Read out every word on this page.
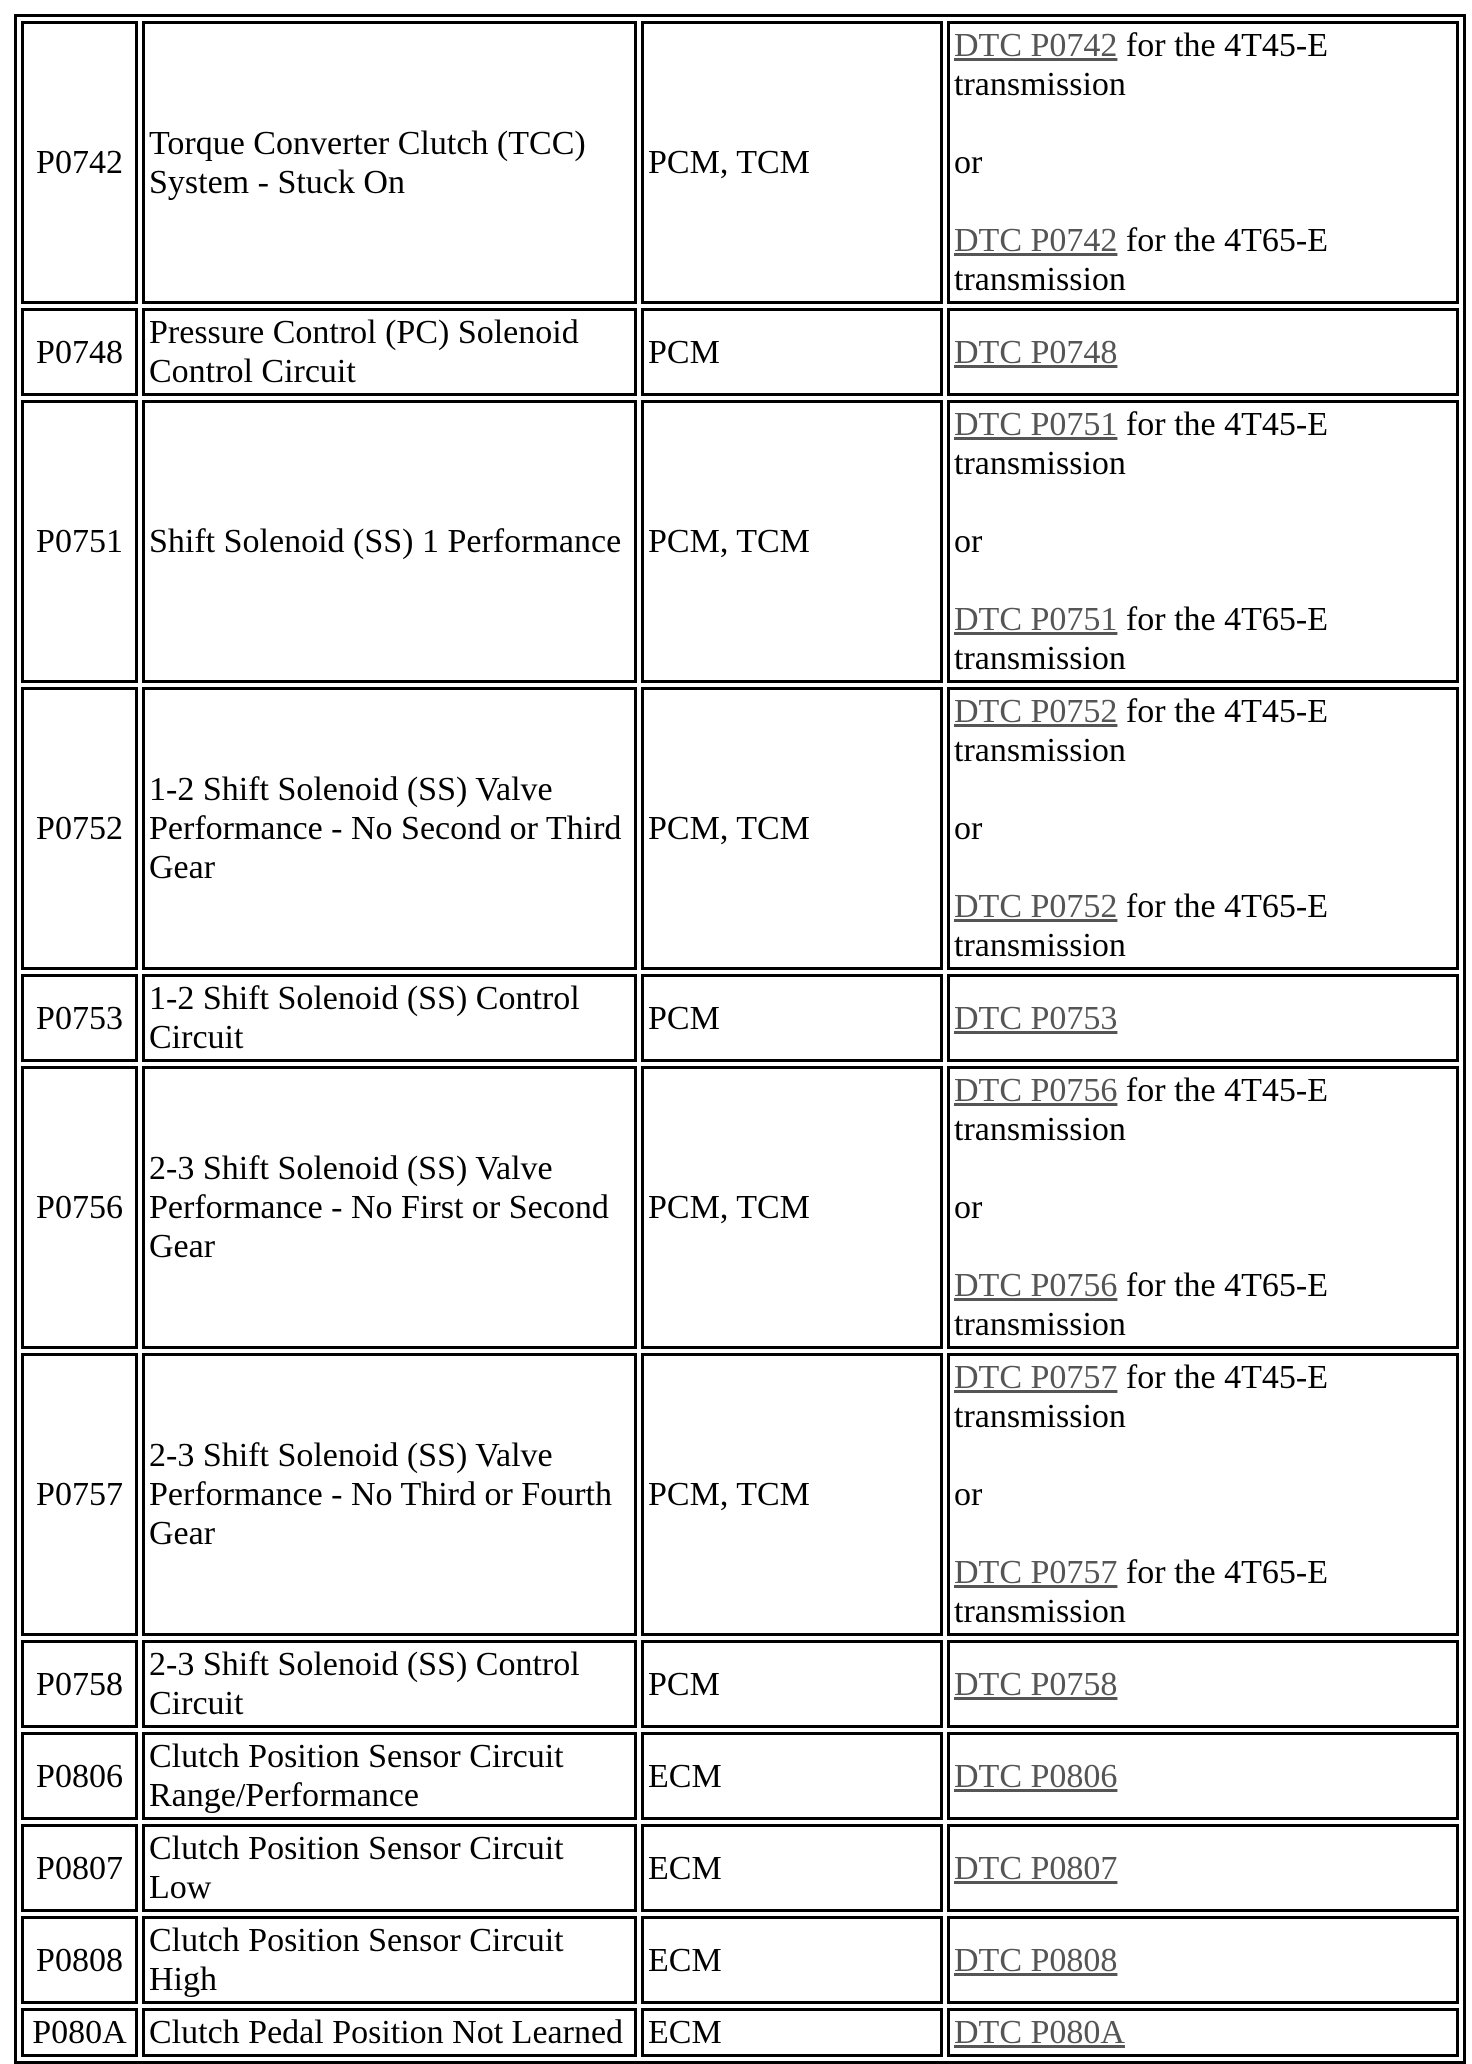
P0742	Torque Converter Clutch (TCC) System - Stuck On	PCM, TCM	DTC P0742 for the 4T45-E transmission
or
DTC P0742 for the 4T65-E transmission

P0748	Pressure Control (PC) Solenoid Control Circuit	PCM	DTC P0748
P0751	Shift Solenoid (SS) 1 Performance	PCM, TCM	DTC P0751 for the 4T45-E transmission
or
DTC P0751 for the 4T65-E transmission

P0752	1-2 Shift Solenoid (SS) Valve Performance - No Second or Third Gear	PCM, TCM	DTC P0752 for the 4T45-E transmission
or
DTC P0752 for the 4T65-E transmission

P0753	1-2 Shift Solenoid (SS) Control Circuit	PCM	DTC P0753
P0756	2-3 Shift Solenoid (SS) Valve Performance - No First or Second Gear	PCM, TCM	DTC P0756 for the 4T45-E transmission
or
DTC P0756 for the 4T65-E transmission

P0757	2-3 Shift Solenoid (SS) Valve Performance - No Third or Fourth Gear	PCM, TCM	DTC P0757 for the 4T45-E transmission
or
DTC P0757 for the 4T65-E transmission

P0758	2-3 Shift Solenoid (SS) Control Circuit	PCM	DTC P0758
P0806	Clutch Position Sensor Circuit Range/Performance	ECM	DTC P0806
P0807	Clutch Position Sensor Circuit Low	ECM	DTC P0807
P0808	Clutch Position Sensor Circuit High	ECM	DTC P0808
P080A	Clutch Pedal Position Not Learned	ECM	DTC P080A
